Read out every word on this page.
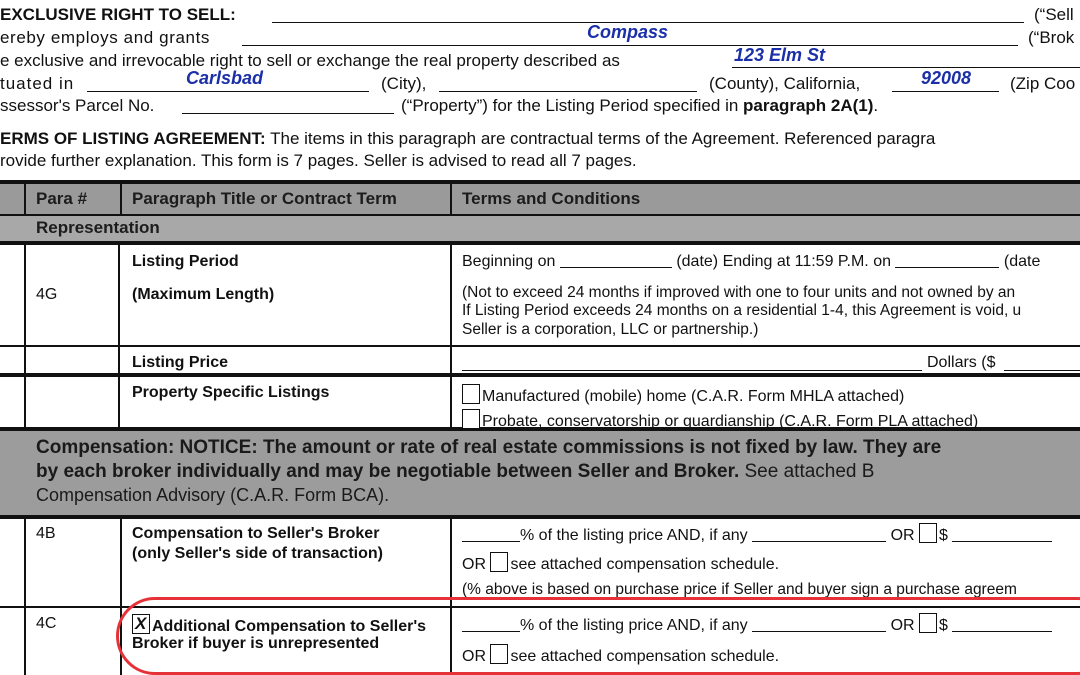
EXCLUSIVE RIGHT TO SELL:	(“Sell
ereby employs and grants	Compass	(“Brok
e exclusive and irrevocable right to sell or exchange the real property described as	123 Elm St
tuated in	Carlsbad	(City),	(County), California,	92008 (Zip Coo
ssessor's Parcel No.	(“Property”) for the Listing Period specified in paragraph 2A(1).
ERMS OF LISTING AGREEMENT: The items in this paragraph are contractual terms of the Agreement. Referenced paragra
rovide further explanation. This form is 7 pages. Seller is advised to read all 7 pages.
Para #	Paragraph Title or Contract Term	Terms and Conditions
Representation
4G
Listing Period
(Maximum Length)
Beginning on	(date) Ending at 11:59 P.M. on	(date
(Not to exceed 24 months if improved with one to four units and not owned by an
If Listing Period exceeds 24 months on a residential 1-4, this Agreement is void, u
Seller is a corporation, LLC or partnership.)
Listing Price	Dollars ($
Property Specific Listings	Manufactured (mobile) home (C.A.R. Form MHLA attached)
Probate, conservatorship or guardianship (C.A.R. Form PLA attached)
Compensation: NOTICE: The amount or rate of real estate commissions is not fixed by law. They are
by each broker individually and may be negotiable between Seller and Broker. See attached B
Compensation Advisory (C.A.R. Form BCA).
4B	Compensation to Seller's Broker
(only Seller's side of transaction)
% of the listing price AND, if any	OR $
OR see attached compensation schedule.
(% above is based on purchase price if Seller and buyer sign a purchase agreem
4C
X	Additional Compensation to Seller's
Broker if buyer is unrepresented
% of the listing price AND, if any	OR $
OR see attached compensation schedule.
